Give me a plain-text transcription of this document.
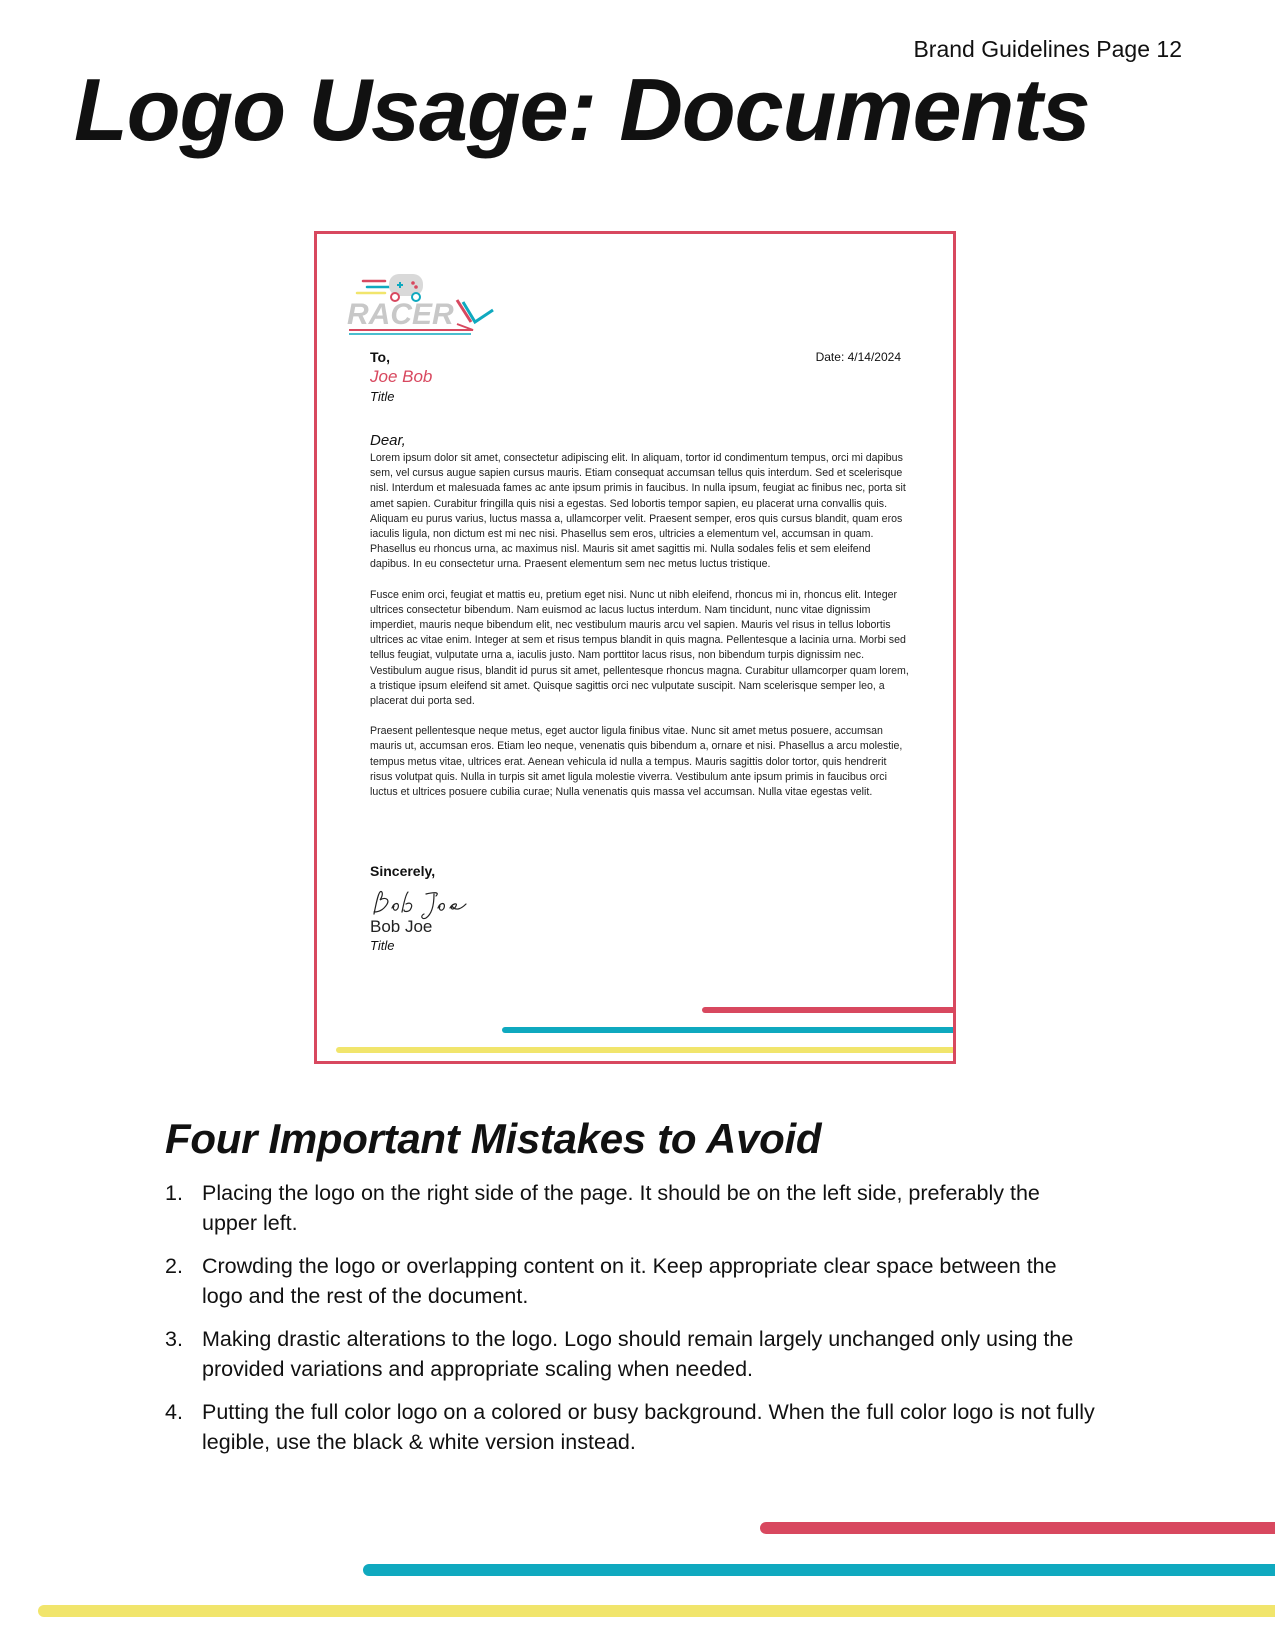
Brand Guidelines Page 12
Logo Usage: Documents
RACER
To,	Date: 4/14/2024
Joe Bob
Title
Dear,

Lorem ipsum dolor sit amet, consectetur adipiscing elit. In aliquam, tortor id condimentum tempus, orci mi dapibus sem, vel cursus augue sapien cursus mauris. Etiam consequat accumsan tellus quis interdum. Sed et scelerisque nisl. Interdum et malesuada fames ac ante ipsum primis in faucibus. In nulla ipsum, feugiat ac finibus nec, porta sit amet sapien. Curabitur fringilla quis nisi a egestas. Sed lobortis tempor sapien, eu placerat urna convallis quis. Aliquam eu purus varius, luctus massa a, ullamcorper velit. Praesent semper, eros quis cursus blandit, quam eros iaculis ligula, non dictum est mi nec nisi. Phasellus sem eros, ultricies a elementum vel, accumsan in quam. Phasellus eu rhoncus urna, ac maximus nisl. Mauris sit amet sagittis mi. Nulla sodales felis et sem eleifend dapibus. In eu consectetur urna. Praesent elementum sem nec metus luctus tristique.

Fusce enim orci, feugiat et mattis eu, pretium eget nisi. Nunc ut nibh eleifend, rhoncus mi in, rhoncus elit. Integer ultrices consectetur bibendum. Nam euismod ac lacus luctus interdum. Nam tincidunt, nunc vitae dignissim imperdiet, mauris neque bibendum elit, nec vestibulum mauris arcu vel sapien. Mauris vel risus in tellus lobortis ultrices ac vitae enim. Integer at sem et risus tempus blandit in quis magna. Pellentesque a lacinia urna. Morbi sed tellus feugiat, vulputate urna a, iaculis justo. Nam porttitor lacus risus, non bibendum turpis dignissim nec. Vestibulum augue risus, blandit id purus sit amet, pellentesque rhoncus magna. Curabitur ullamcorper quam lorem, a tristique ipsum eleifend sit amet. Quisque sagittis orci nec vulputate suscipit. Nam scelerisque semper leo, a placerat dui porta sed.

Praesent pellentesque neque metus, eget auctor ligula finibus vitae. Nunc sit amet metus posuere, accumsan mauris ut, accumsan eros. Etiam leo neque, venenatis quis bibendum a, ornare et nisi. Phasellus a arcu molestie, tempus metus vitae, ultrices erat. Aenean vehicula id nulla a tempus. Mauris sagittis dolor tortor, quis hendrerit risus volutpat quis. Nulla in turpis sit amet ligula molestie viverra. Vestibulum ante ipsum primis in faucibus orci luctus et ultrices posuere cubilia curae; Nulla venenatis quis massa vel accumsan. Nulla vitae egestas velit.

Sincerely,
Bob Joe
Title
Four Important Mistakes to Avoid
1. Placing the logo on the right side of the page. It should be on the left side, preferably the upper left.
2. Crowding the logo or overlapping content on it. Keep appropriate clear space between the logo and the rest of the document.
3. Making drastic alterations to the logo. Logo should remain largely unchanged only using the provided variations and appropriate scaling when needed.
4. Putting the full color logo on a colored or busy background. When the full color logo is not fully legible, use the black & white version instead.
